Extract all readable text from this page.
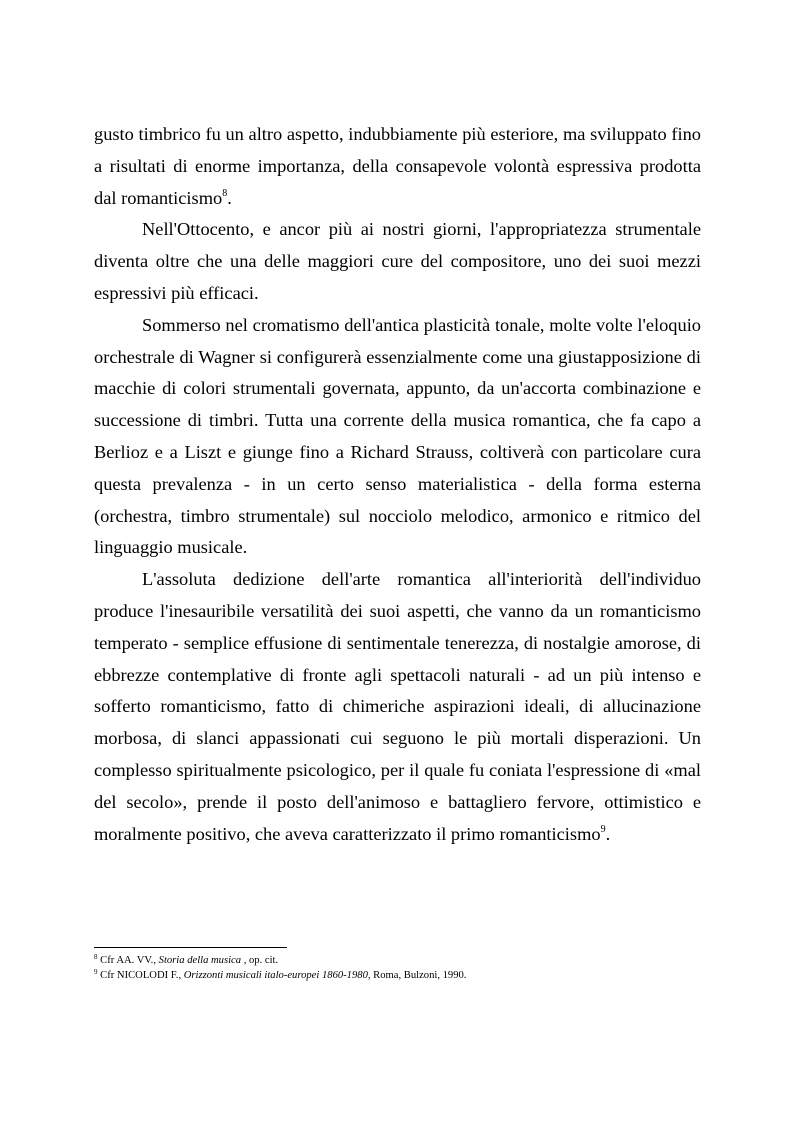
gusto timbrico fu un altro aspetto, indubbiamente più esteriore, ma sviluppato fino a risultati di enorme importanza, della consapevole volontà espressiva prodotta dal romanticismo$^8$.

Nell'Ottocento, e ancor più ai nostri giorni, l'appropriatezza strumentale diventa oltre che una delle maggiori cure del compositore, uno dei suoi mezzi espressivi più efficaci.

Sommerso nel cromatismo dell'antica plasticità tonale, molte volte l'eloquio orchestrale di Wagner si configurerà essenzialmente come una giustapposizione di macchie di colori strumentali governata, appunto, da un'accorta combinazione e successione di timbri. Tutta una corrente della musica romantica, che fa capo a Berlioz e a Liszt e giunge fino a Richard Strauss, coltiverà con particolare cura questa prevalenza - in un certo senso materialistica - della forma esterna (orchestra, timbro strumentale) sul nocciolo melodico, armonico e ritmico del linguaggio musicale.

L'assoluta dedizione dell'arte romantica all'interiorità dell'individuo produce l'inesauribile versatilità dei suoi aspetti, che vanno da un romanticismo temperato - semplice effusione di sentimentale tenerezza, di nostalgie amorose, di ebbrezze contemplative di fronte agli spettacoli naturali - ad un più intenso e sofferto romanticismo, fatto di chimeriche aspirazioni ideali, di allucinazione morbosa, di slanci appassionati cui seguono le più mortali disperazioni. Un complesso spiritualmente psicologico, per il quale fu coniata l'espressione di «mal del secolo», prende il posto dell'animoso e battagliero fervore, ottimistico e moralmente positivo, che aveva caratterizzato il primo romanticismo$^9$.

$^8$ Cfr AA. VV., Storia della musica , op. cit.

$^9$ Cfr NICOLODI F., Orizzonti musicali italo-europei 1860-1980, Roma, Bulzoni, 1990.
